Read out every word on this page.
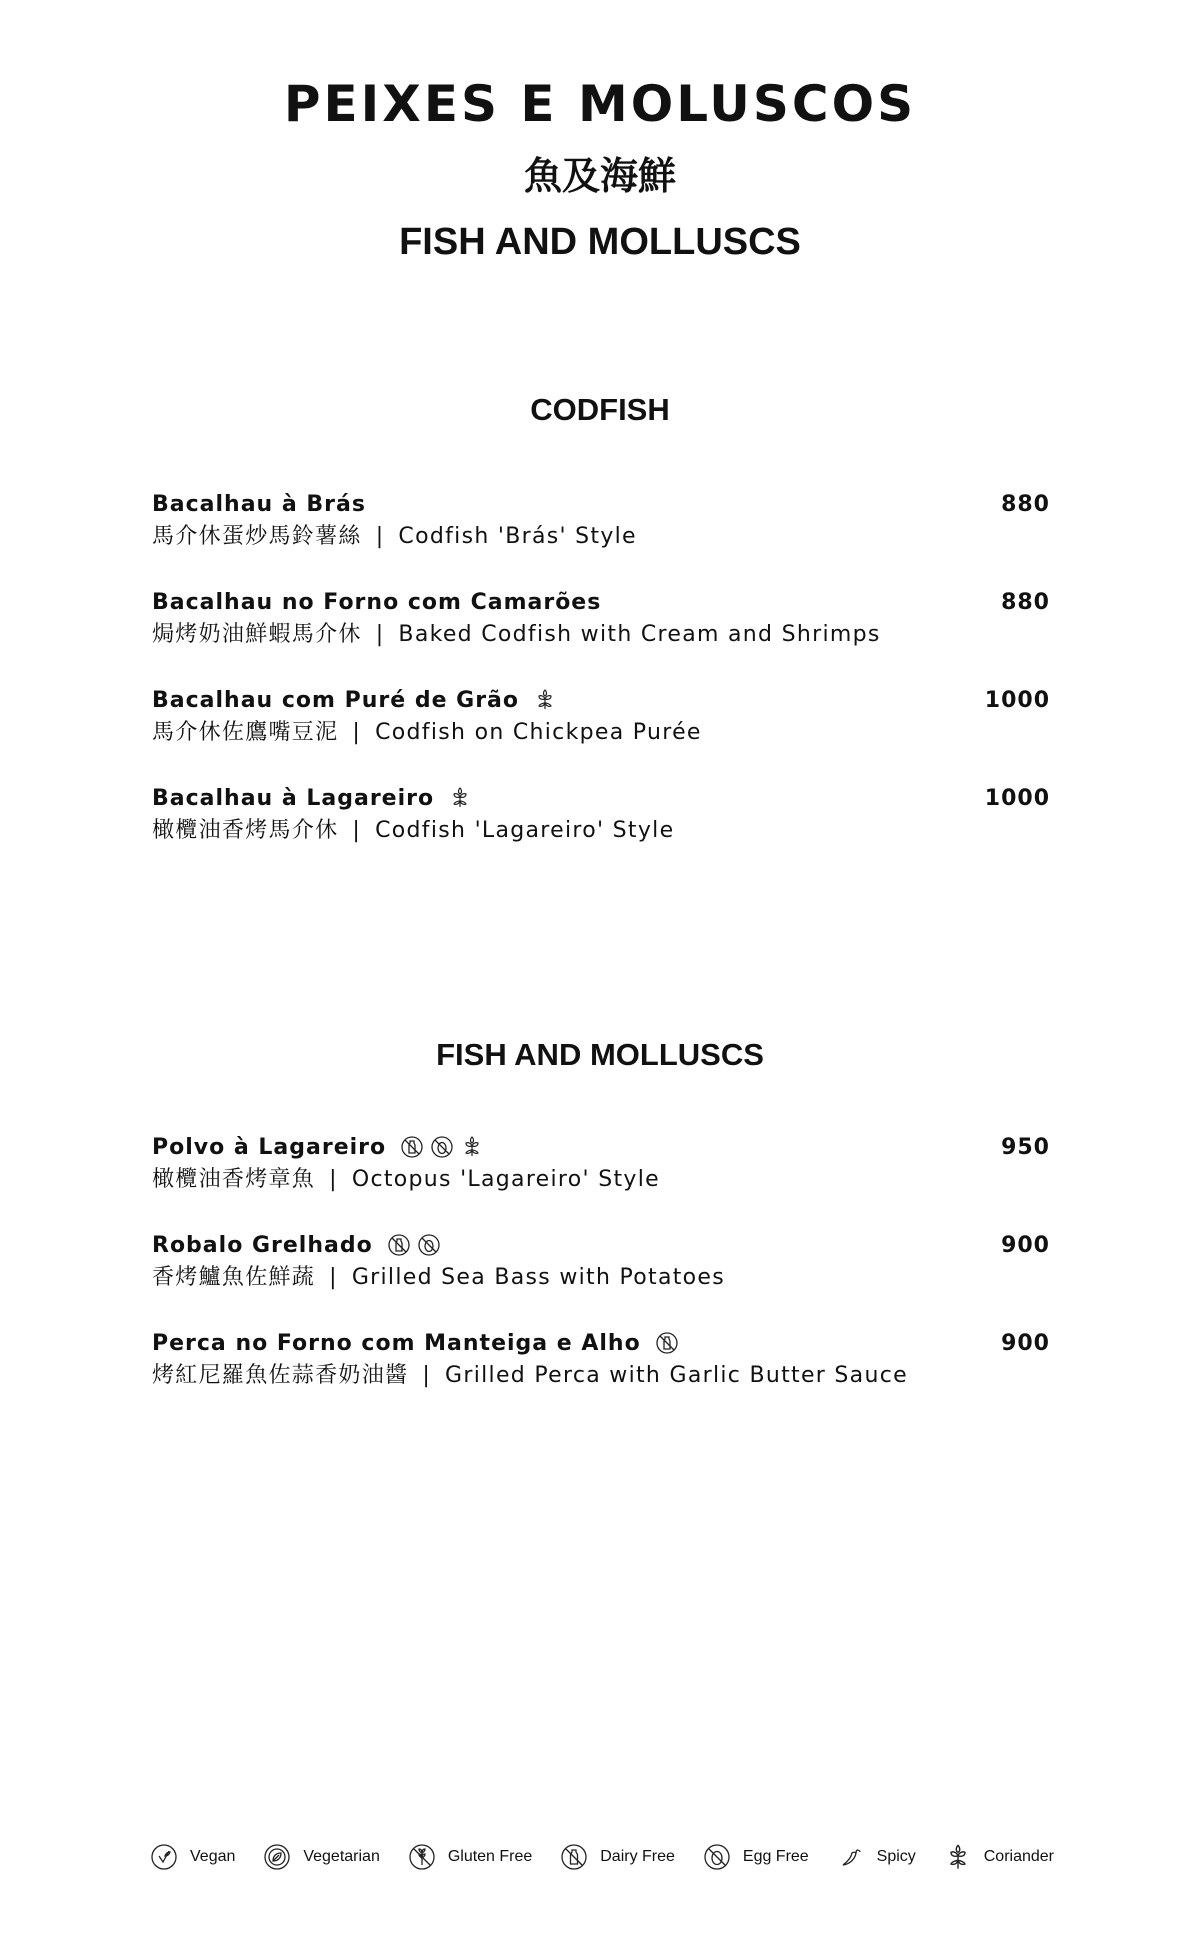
PEIXES E MOLUSCOS
魚及海鮮
FISH AND MOLLUSCS
CODFISH
Bacalhau à Brás	880
馬介休蛋炒馬鈴薯絲 | Codfish 'Brás' Style
Bacalhau no Forno com Camarões	880
焗烤奶油鮮蝦馬介休 | Baked Codfish with Cream and Shrimps
Bacalhau com Puré de Grão	1000
馬介休佐鷹嘴豆泥 | Codfish on Chickpea Purée
Bacalhau à Lagareiro	1000
橄欖油香烤馬介休 | Codfish 'Lagareiro' Style
FISH AND MOLLUSCS
Polvo à Lagareiro	950
橄欖油香烤章魚 | Octopus 'Lagareiro' Style
Robalo Grelhado	900
香烤鱸魚佐鮮蔬 | Grilled Sea Bass with Potatoes
Perca no Forno com Manteiga e Alho	900
烤紅尼羅魚佐蒜香奶油醬 | Grilled Perca with Garlic Butter Sauce
Vegan	Vegetarian	Gluten Free	Dairy Free	Egg Free	Spicy	Coriander
